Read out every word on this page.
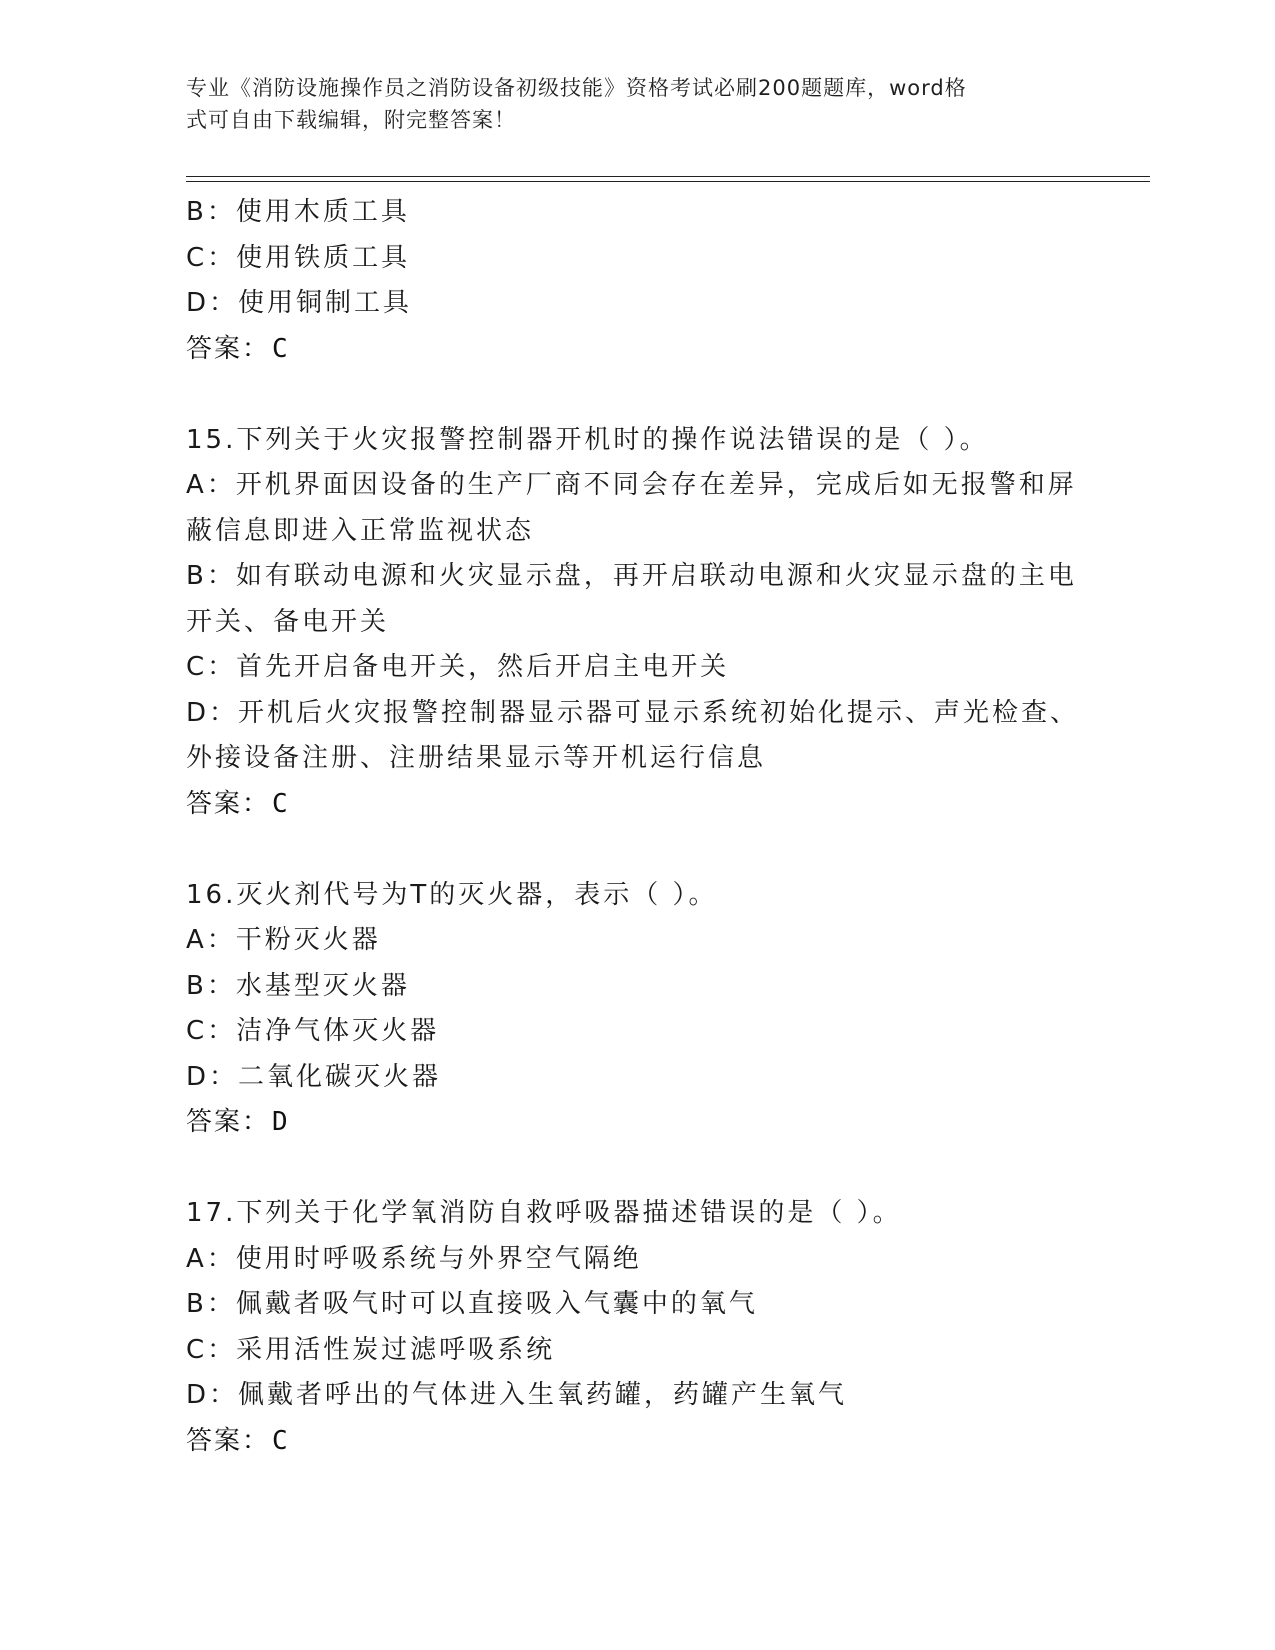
专业《消防设施操作员之消防设备初级技能》资格考试必刷200题题库，word格
式可自由下载编辑，附完整答案！
B：使用木质工具
C：使用铁质工具
D：使用铜制工具
答案：C
15.下列关于火灾报警控制器开机时的操作说法错误的是（ ）。
A：开机界面因设备的生产厂商不同会存在差异，完成后如无报警和屏
蔽信息即进入正常监视状态
B：如有联动电源和火灾显示盘，再开启联动电源和火灾显示盘的主电
开关、备电开关
C：首先开启备电开关，然后开启主电开关
D：开机后火灾报警控制器显示器可显示系统初始化提示、声光检查、
外接设备注册、注册结果显示等开机运行信息
答案：C
16.灭火剂代号为T的灭火器，表示（ ）。
A：干粉灭火器
B：水基型灭火器
C：洁净气体灭火器
D：二氧化碳灭火器
答案：D
17.下列关于化学氧消防自救呼吸器描述错误的是（ ）。
A：使用时呼吸系统与外界空气隔绝
B：佩戴者吸气时可以直接吸入气囊中的氧气
C：采用活性炭过滤呼吸系统
D：佩戴者呼出的气体进入生氧药罐，药罐产生氧气
答案：C
